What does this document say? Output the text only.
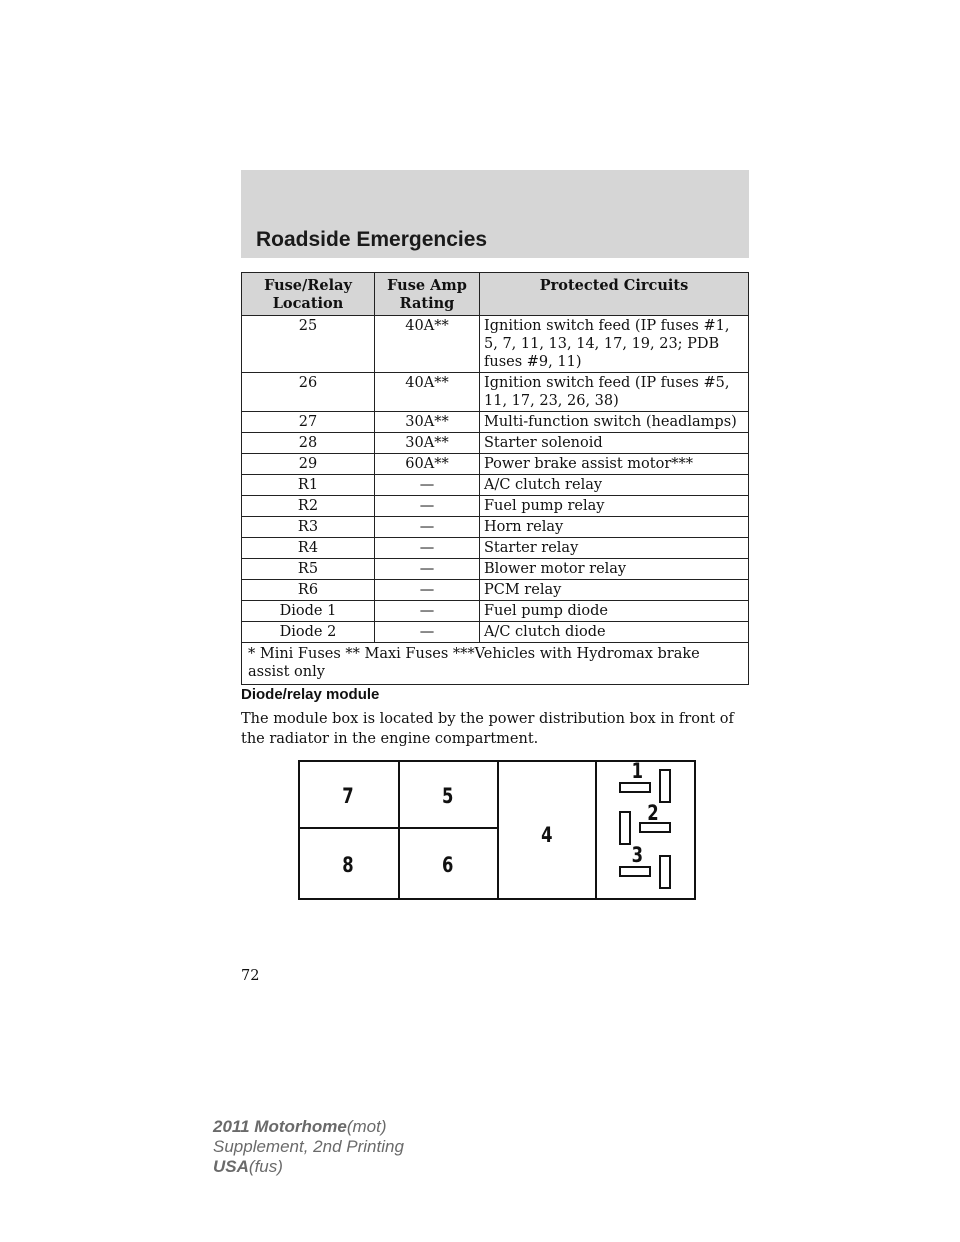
Roadside Emergencies
Fuse/Relay Location	Fuse Amp Rating	Protected Circuits
25	40A**	Ignition switch feed (IP fuses #1, 5, 7, 11, 13, 14, 17, 19, 23; PDB fuses #9, 11)
26	40A**	Ignition switch feed (IP fuses #5, 11, 17, 23, 26, 38)
27	30A**	Multi-function switch (headlamps)
28	30A**	Starter solenoid
29	60A**	Power brake assist motor***
R1	—	A/C clutch relay
R2	—	Fuel pump relay
R3	—	Horn relay
R4	—	Starter relay
R5	—	Blower motor relay
R6	—	PCM relay
Diode 1	—	Fuel pump diode
Diode 2	—	A/C clutch diode
* Mini Fuses ** Maxi Fuses ***Vehicles with Hydromax brake assist only		
Diode/relay module
The module box is located by the power distribution box in front of the radiator in the engine compartment.
7	5
8	6
4
1
2
3
72
2011 Motorhome(mot)
Supplement, 2nd Printing
USA(fus)
